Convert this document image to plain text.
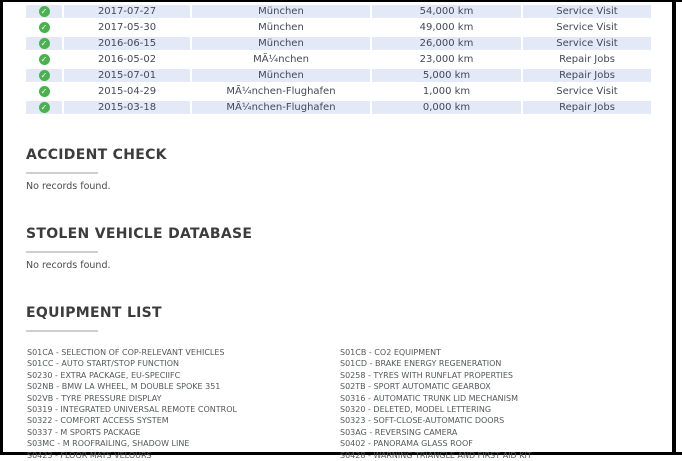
✓	2017-07-27	München	54,000 km	Service Visit
✓	2017-05-30	München	49,000 km	Service Visit
✓	2016-06-15	München	26,000 km	Service Visit
✓	2016-05-02	MÃ¼nchen	23,000 km	Repair Jobs
✓	2015-07-01	München	5,000 km	Repair Jobs
✓	2015-04-29	MÃ¼nchen-Flughafen	1,000 km	Service Visit
✓	2015-03-18	MÃ¼nchen-Flughafen	0,000 km	Repair Jobs
ACCIDENT CHECK

No records found.

STOLEN VEHICLE DATABASE

No records found.

EQUIPMENT LIST
S01CA - SELECTION OF COP-RELEVANT VEHICLES
S01CC - AUTO START/STOP FUNCTION
S0230 - EXTRA PACKAGE, EU-SPECIIFC
S02NB - BMW LA WHEEL, M DOUBLE SPOKE 351
S02VB - TYRE PRESSURE DISPLAY
S0319 - INTEGRATED UNIVERSAL REMOTE CONTROL
S0322 - COMFORT ACCESS SYSTEM
S0337 - M SPORTS PACKAGE
S03MC - M ROOFRAILING, SHADOW LINE
S0423 - FLOOR MATS VELOURS
S01CB - CO2 EQUIPMENT
S01CD - BRAKE ENERGY REGENERATION
S0258 - TYRES WITH RUNFLAT PROPERTIES
S02TB - SPORT AUTOMATIC GEARBOX
S0316 - AUTOMATIC TRUNK LID MECHANISM
S0320 - DELETED, MODEL LETTERING
S0323 - SOFT-CLOSE-AUTOMATIC DOORS
S03AG - REVERSING CAMERA
S0402 - PANORAMA GLASS ROOF
S0428 - WARNING TRIANGLE AND FIRST AID KIT
